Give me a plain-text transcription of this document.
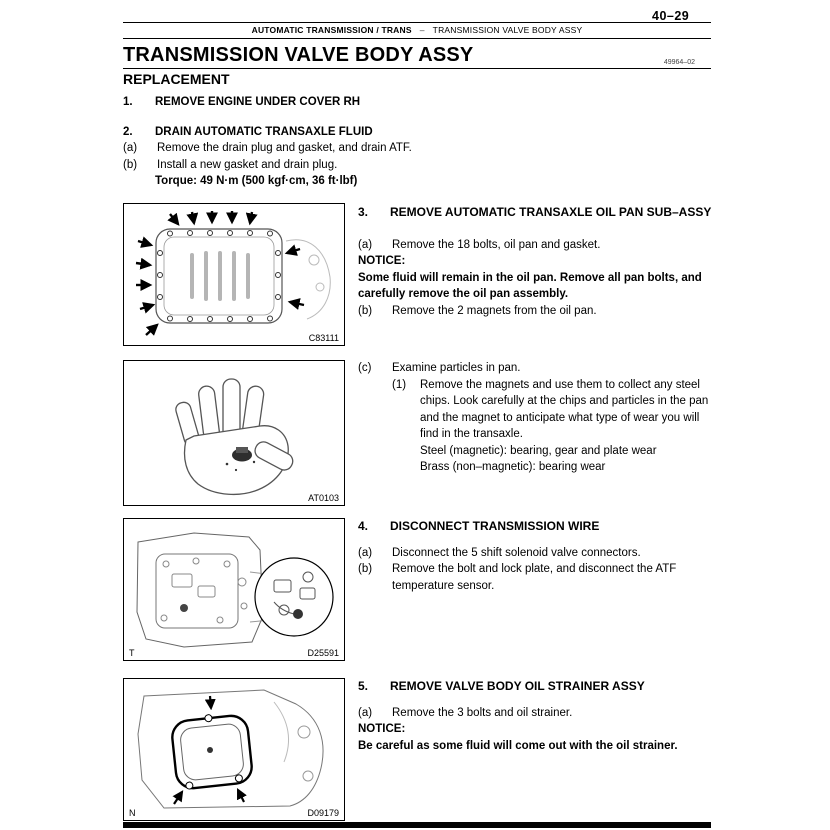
40–29
AUTOMATIC TRANSMISSION / TRANS – TRANSMISSION VALVE BODY ASSY
TRANSMISSION VALVE BODY ASSY	49964–02
REPLACEMENT
1.	REMOVE ENGINE UNDER COVER RH
2.	DRAIN AUTOMATIC TRANSAXLE FLUID
(a)	Remove the drain plug and gasket, and drain ATF.
(b)	Install a new gasket and drain plug.
Torque: 49 N·m (500 kgf·cm, 36 ft·lbf)
C83111
3.	REMOVE AUTOMATIC TRANSAXLE OIL PAN SUB–ASSY
(a)	Remove the 18 bolts, oil pan and gasket.
NOTICE:
Some fluid will remain in the oil pan. Remove all pan bolts, and carefully remove the oil pan assembly.
(b)	Remove the 2 magnets from the oil pan.
AT0103
(c)	Examine particles in pan.
(1)	Remove the magnets and use them to collect any steel chips. Look carefully at the chips and particles in the pan and the magnet to anticipate what type of wear you will find in the transaxle.
Steel (magnetic): bearing, gear and plate wear
Brass (non–magnetic): bearing wear
T	D25591
4.	DISCONNECT TRANSMISSION WIRE
(a)	Disconnect the 5 shift solenoid valve connectors.
(b)	Remove the bolt and lock plate, and disconnect the ATF temperature sensor.
N	D09179
5.	REMOVE VALVE BODY OIL STRAINER ASSY
(a)	Remove the 3 bolts and oil strainer.
NOTICE:
Be careful as some fluid will come out with the oil strainer.
